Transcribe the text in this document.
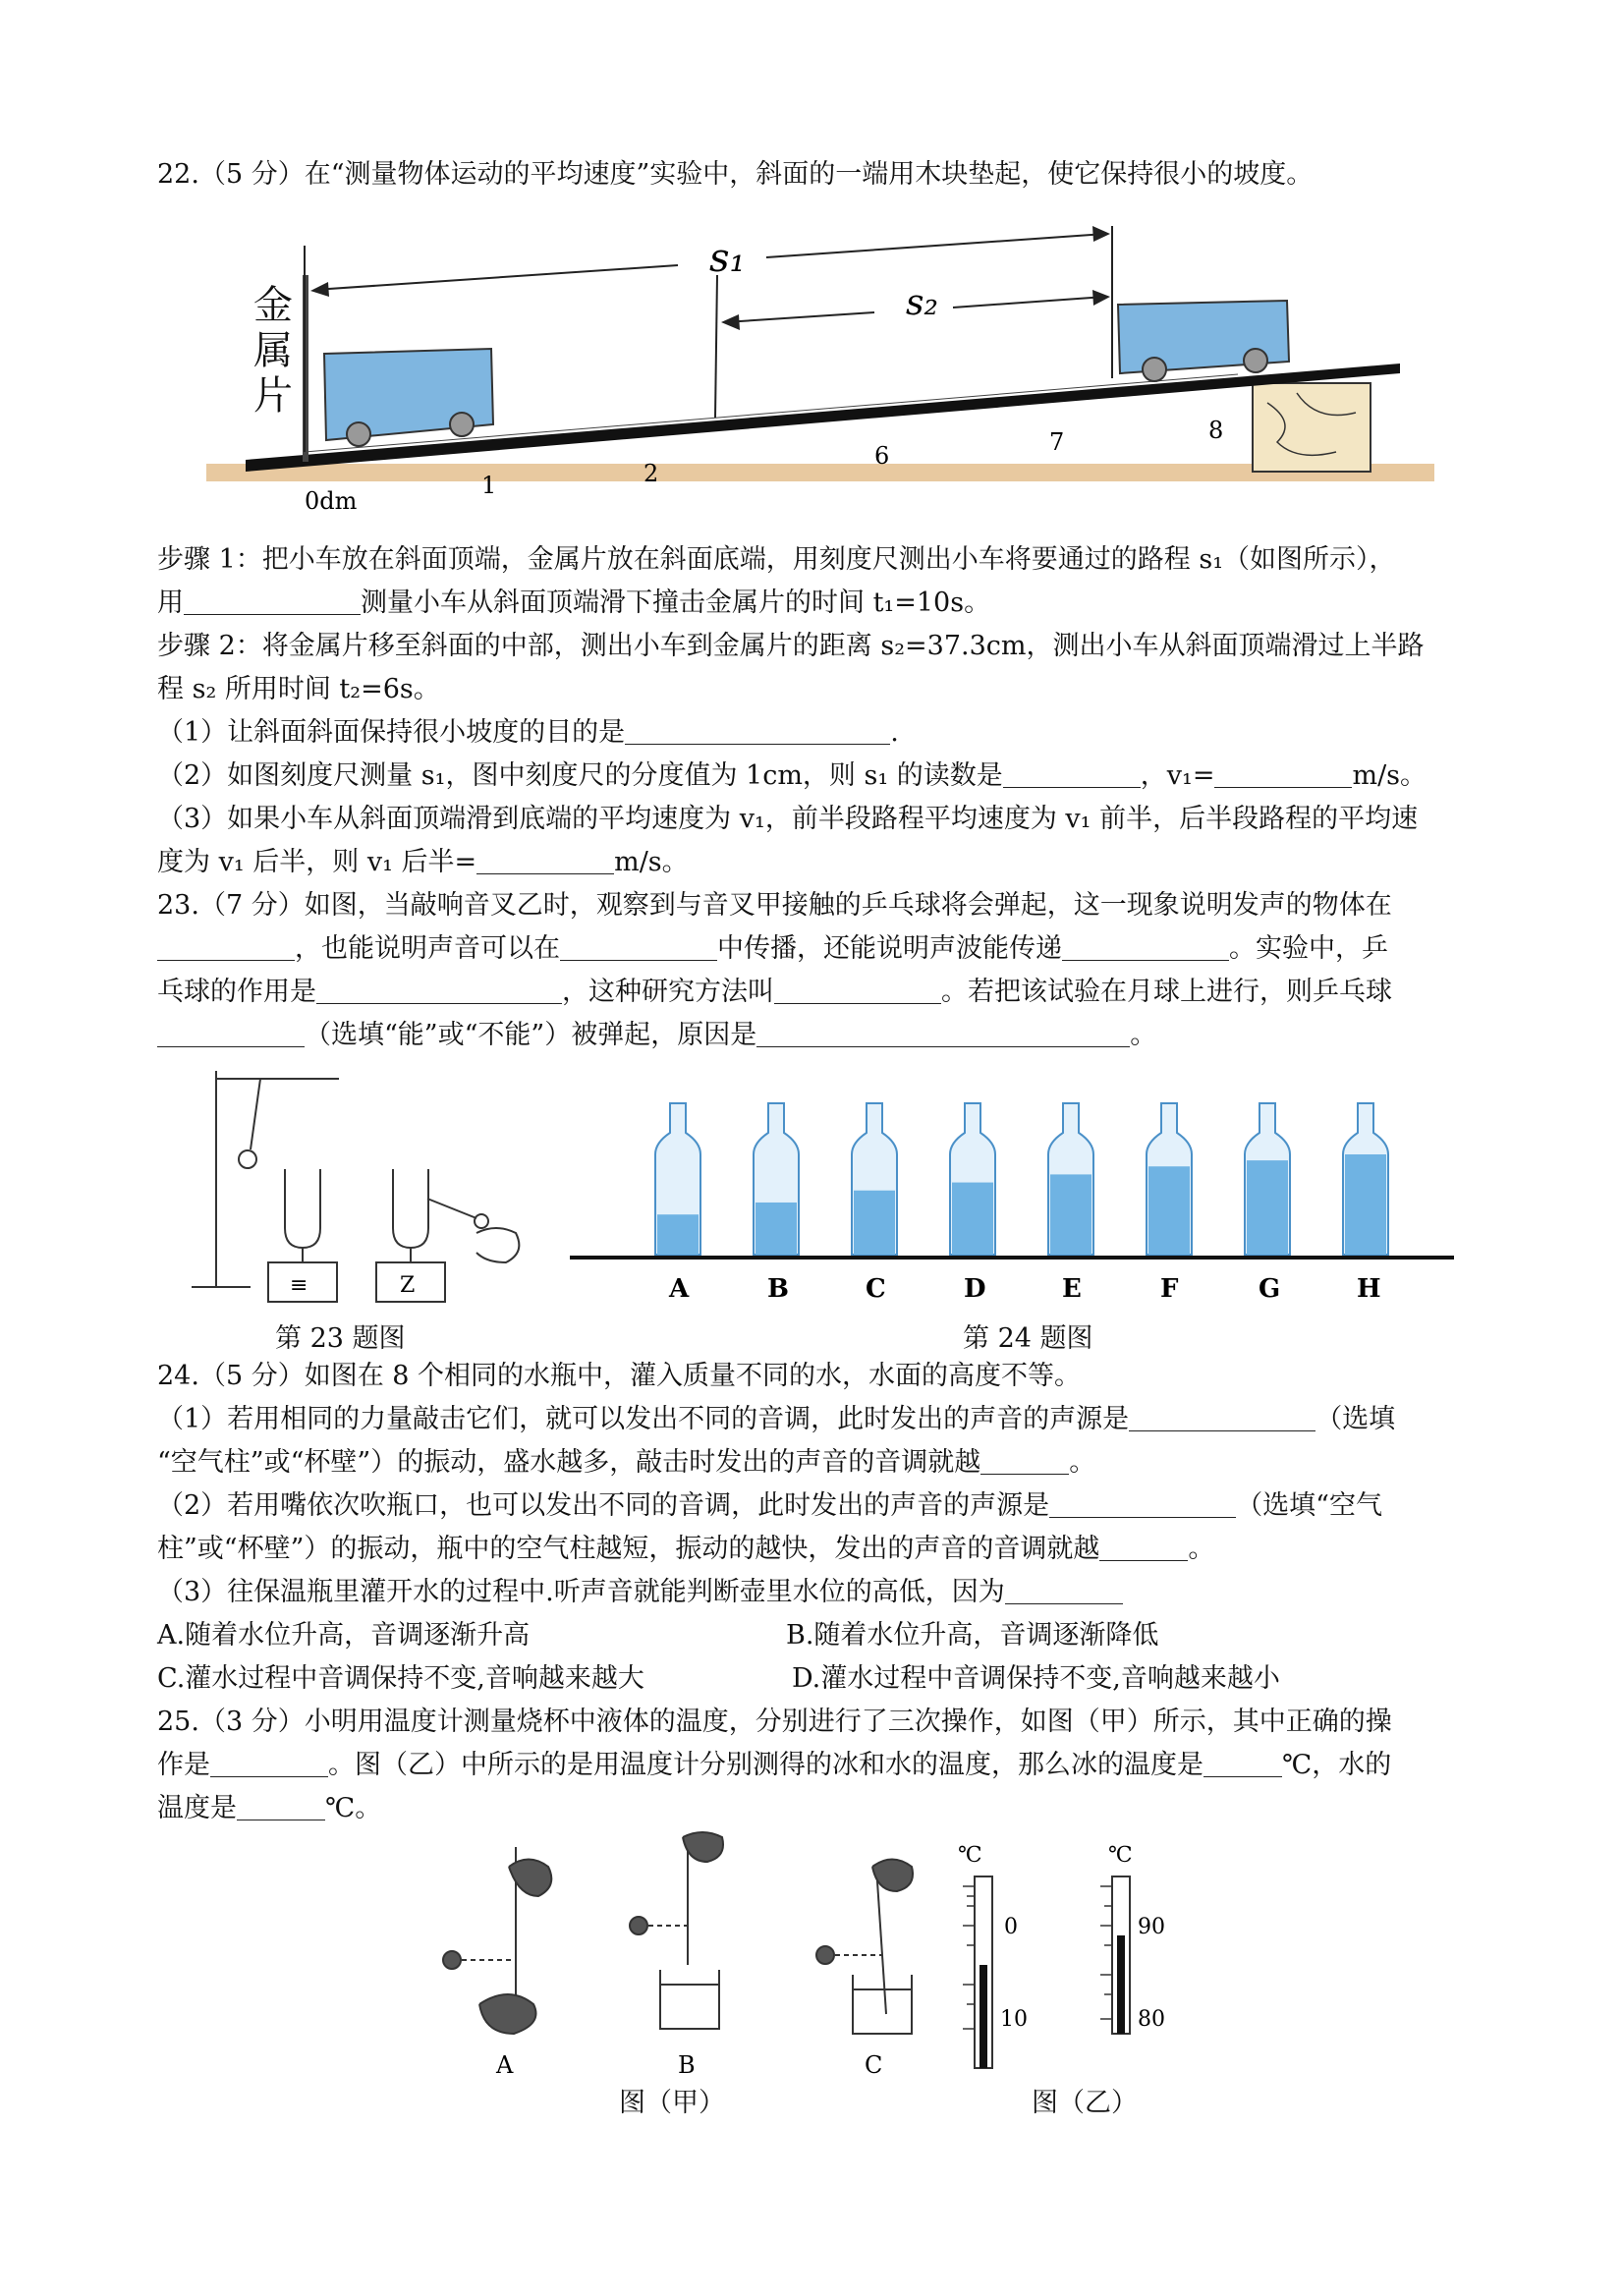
22.（5 分）在“测量物体运动的平均速度”实验中，斜面的一端用木块垫起，使它保持很小的坡度。
s₁
s₂
0dm
1	2
6	7	8
金属片
步骤 1：把小车放在斜面顶端，金属片放在斜面底端，用刻度尺测出小车将要通过的路程 s₁（如图所示），
用	测量小车从斜面顶端滑下撞击金属片的时间 t₁=10s。
步骤 2：将金属片移至斜面的中部，测出小车到金属片的距离 s₂=37.3cm，测出小车从斜面顶端滑过上半路
程 s₂ 所用时间 t₂=6s。
（1）让斜面斜面保持很小坡度的目的是	.
（2）如图刻度尺测量 s₁，图中刻度尺的分度值为 1cm，则 s₁ 的读数是	，v₁=	m/s。
（3）如果小车从斜面顶端滑到底端的平均速度为 v₁，前半段路程平均速度为 v₁ 前半，后半段路程的平均速
度为 v₁ 后半，则 v₁ 后半=	m/s。
23.（7 分）如图，当敲响音叉乙时，观察到与音叉甲接触的乒乓球将会弹起，这一现象说明发声的物体在
，也能说明声音可以在	中传播，还能说明声波能传递	。实验中，乒
乓球的作用是	，这种研究方法叫	。若把该试验在月球上进行，则乒乓球
（选填“能”或“不能”）被弹起，原因是	。
≡	Z
第 23 题图
A	B	C	D	E	F	G	H
第 24 题图
24.（5 分）如图在 8 个相同的水瓶中，灌入质量不同的水，水面的高度不等。
（1）若用相同的力量敲击它们，就可以发出不同的音调，此时发出的声音的声源是	（选填
“空气柱”或“杯壁”）的振动，盛水越多，敲击时发出的声音的音调就越	。
（2）若用嘴依次吹瓶口，也可以发出不同的音调，此时发出的声音的声源是	（选填“空气
柱”或“杯壁”）的振动，瓶中的空气柱越短，振动的越快，发出的声音的音调就越	。
（3）往保温瓶里灌开水的过程中.听声音就能判断壶里水位的高低，因为
A.随着水位升高，音调逐渐升高	B.随着水位升高，音调逐渐降低
C.灌水过程中音调保持不变,音响越来越大	D.灌水过程中音调保持不变,音响越来越小
25.（3 分）小明用温度计测量烧杯中液体的温度，分别进行了三次操作，如图（甲）所示，其中正确的操
作是	。图（乙）中所示的是用温度计分别测得的冰和水的温度，那么冰的温度是	℃，水的
温度是	℃。
A	B	C
℃
0
10
℃
90
80
图（甲）	图（乙）
